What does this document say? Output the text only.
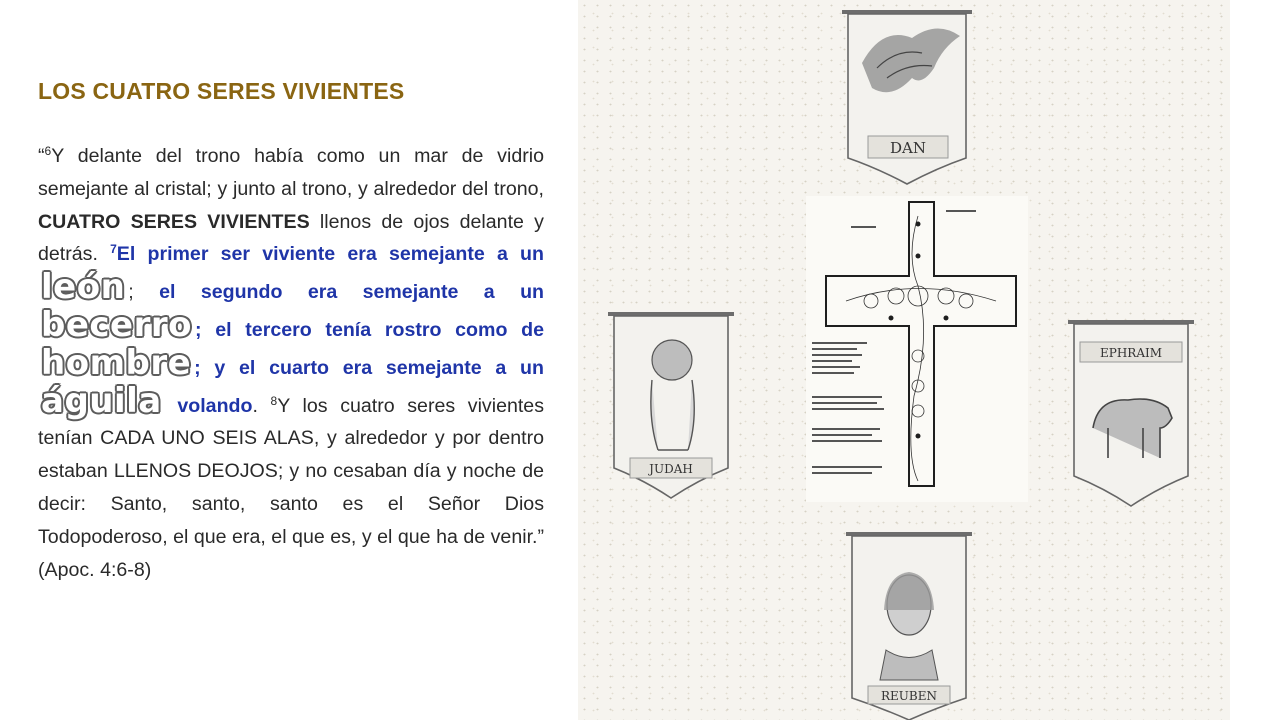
LOS CUATRO SERES VIVIENTES

“$^6$Y delante del trono había como un mar de vidrio semejante al cristal; y junto al trono, y alrededor del trono, CUATRO SERES VIVIENTES llenos de ojos delante y detrás. $^7$El primer ser viviente era semejante a un león ; el segundo era semejante a un becerro ; el tercero tenía rostro como de hombre ; y el cuarto era semejante a un águila volando. $^8$Y los cuatro seres vivientes tenían CADA UNO SEIS ALAS, y alrededor y por dentro estaban LLENOS DEOJOS; y no cesaban día y noche de decir: Santo, santo, santo es el Señor Dios Todopoderoso, el que era, el que es, y el que ha de venir.” (Apoc. 4:6-8)

DAN
JUDAH
EPHRAIM
REUBEN
